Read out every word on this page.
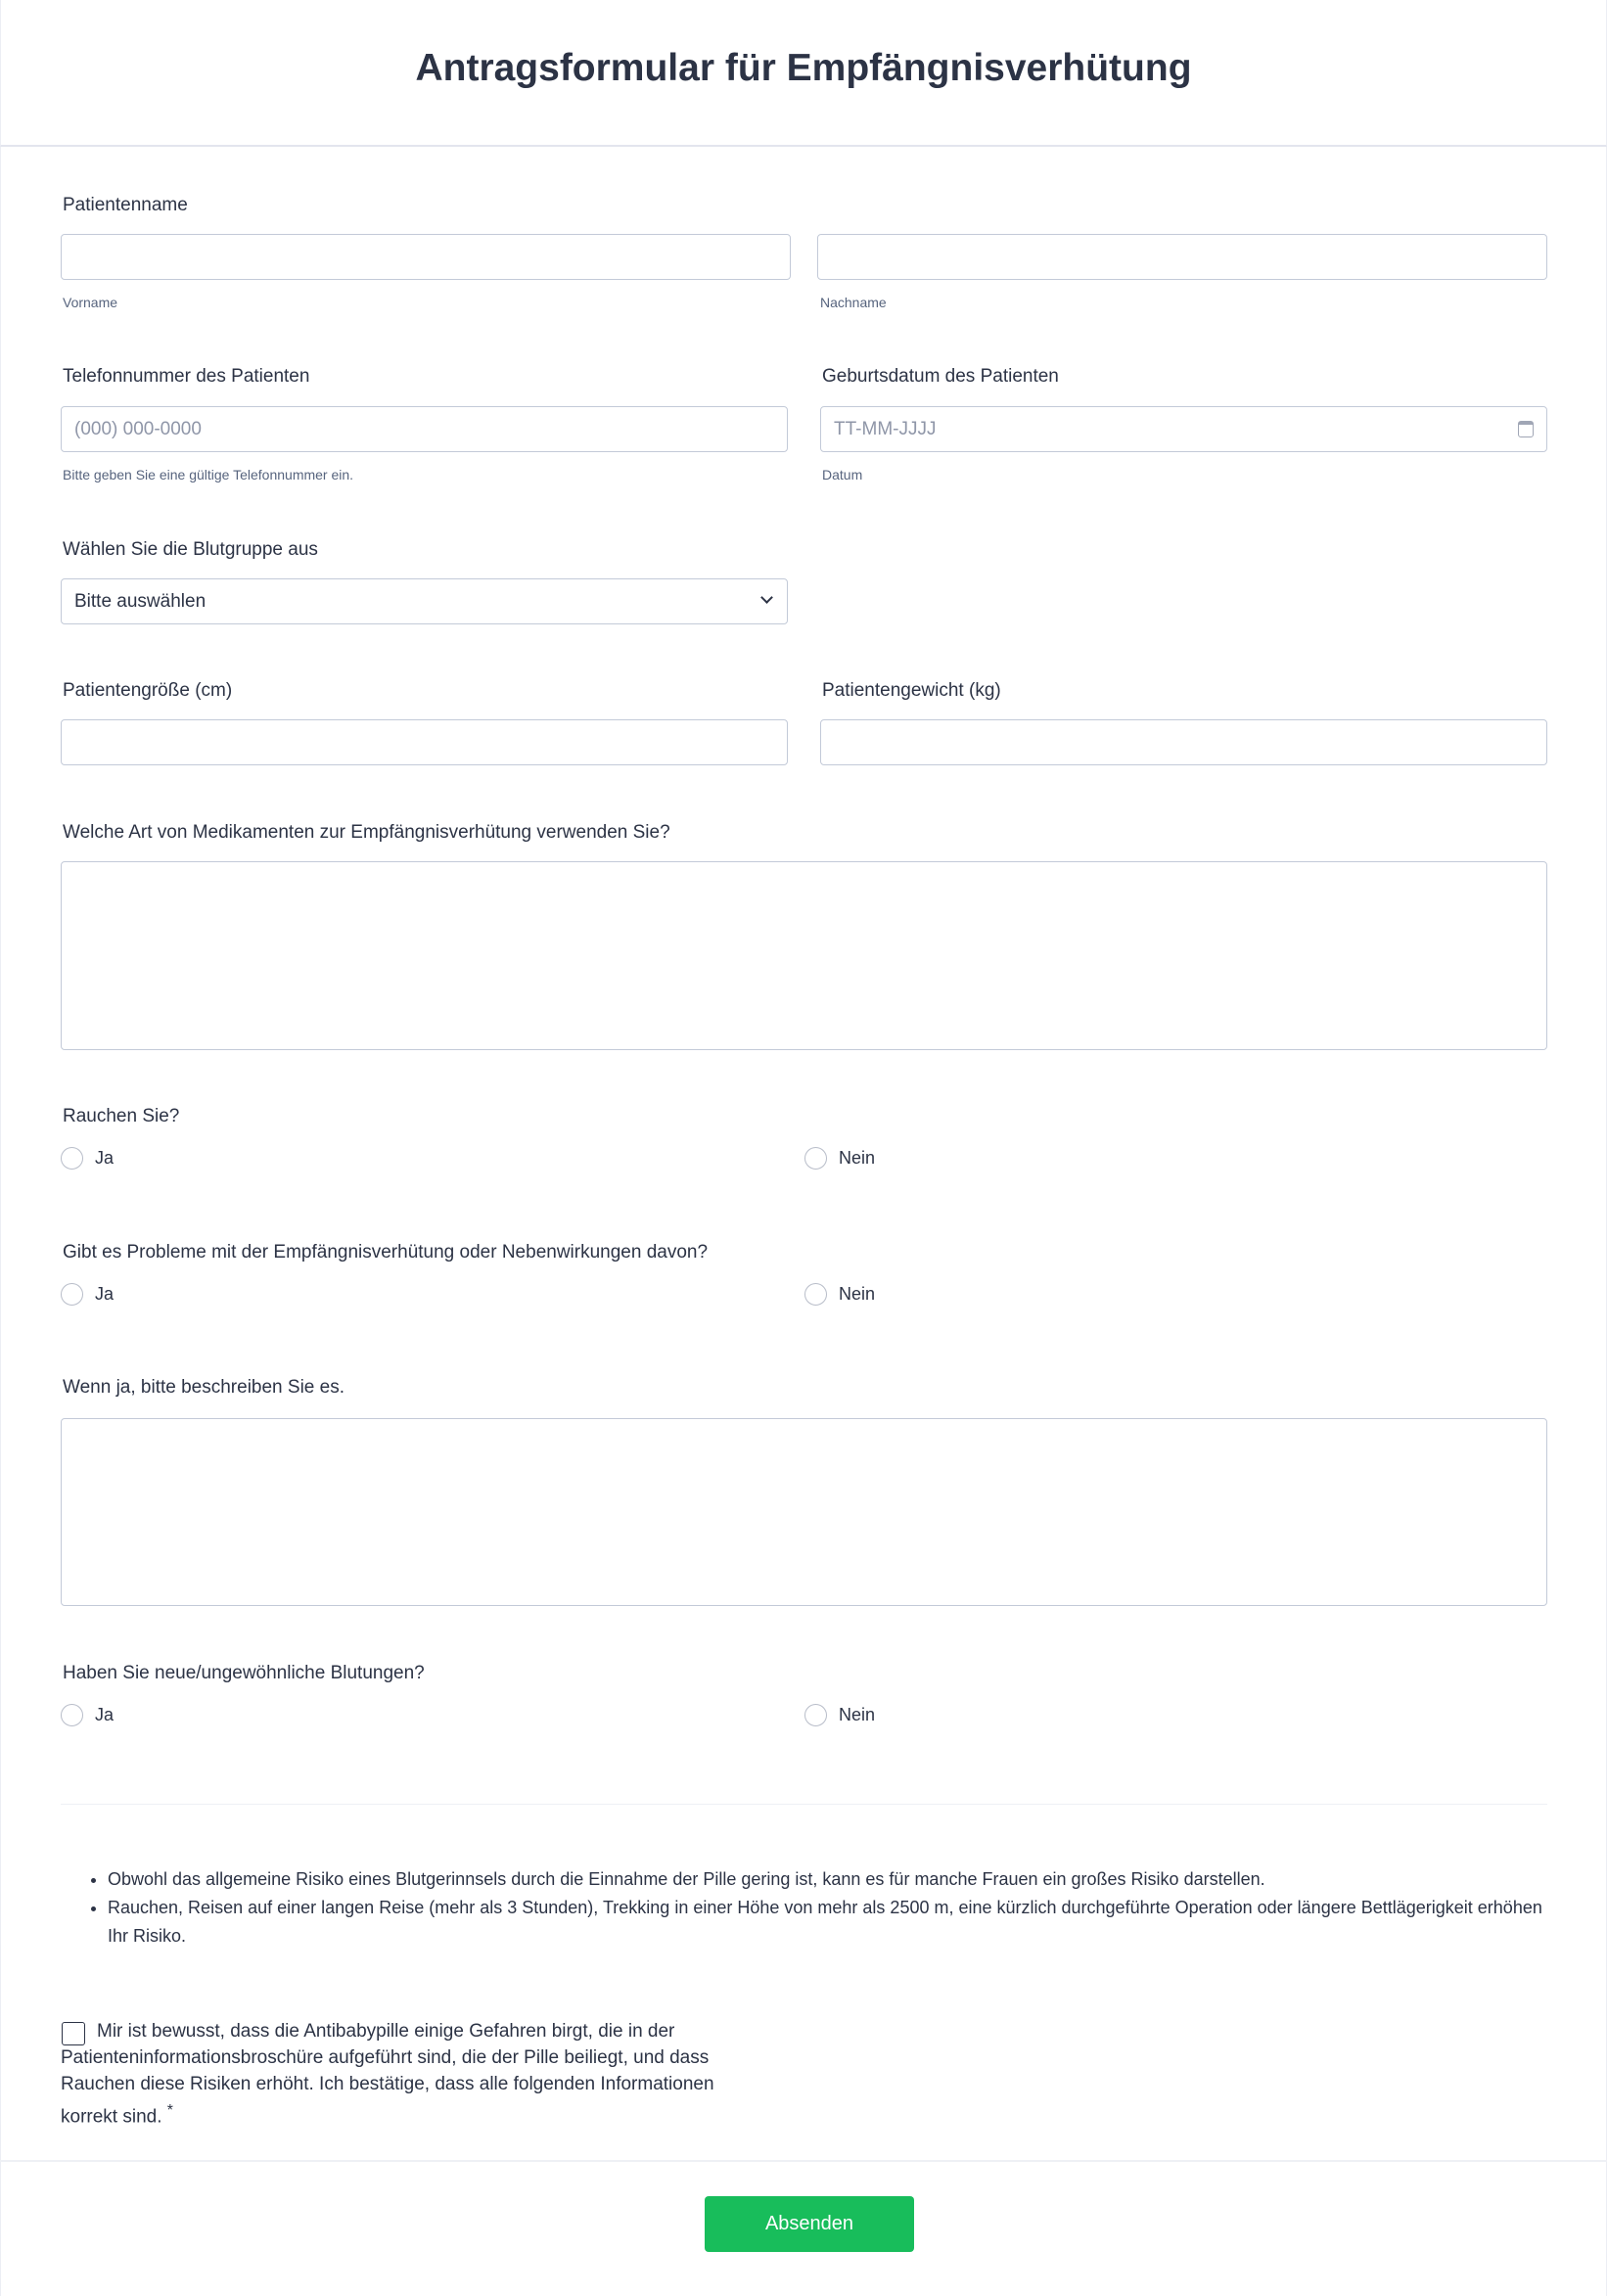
Antragsformular für Empfängnisverhütung
Patientenname
Vorname	Nachname
Telefonnummer des Patienten
(000) 000-0000
Bitte geben Sie eine gültige Telefonnummer ein.
Geburtsdatum des Patienten
TT-MM-JJJJ
Datum
Wählen Sie die Blutgruppe aus
Bitte auswählen
Patientengröße (cm)	Patientengewicht (kg)
Welche Art von Medikamenten zur Empfängnisverhütung verwenden Sie?
Rauchen Sie?
Ja	Nein
Gibt es Probleme mit der Empfängnisverhütung oder Nebenwirkungen davon?
Ja	Nein
Wenn ja, bitte beschreiben Sie es.
Haben Sie neue/ungewöhnliche Blutungen?
Ja	Nein
• Obwohl das allgemeine Risiko eines Blutgerinnsels durch die Einnahme der Pille gering ist, kann es für manche Frauen ein großes Risiko darstellen.
• Rauchen, Reisen auf einer langen Reise (mehr als 3 Stunden), Trekking in einer Höhe von mehr als 2500 m, eine kürzlich durchgeführte Operation oder längere Bettlägerigkeit erhöhen Ihr Risiko.
Mir ist bewusst, dass die Antibabypille einige Gefahren birgt, die in der Patienteninformationsbroschüre aufgeführt sind, die der Pille beiliegt, und dass Rauchen diese Risiken erhöht. Ich bestätige, dass alle folgenden Informationen korrekt sind. *
Absenden
